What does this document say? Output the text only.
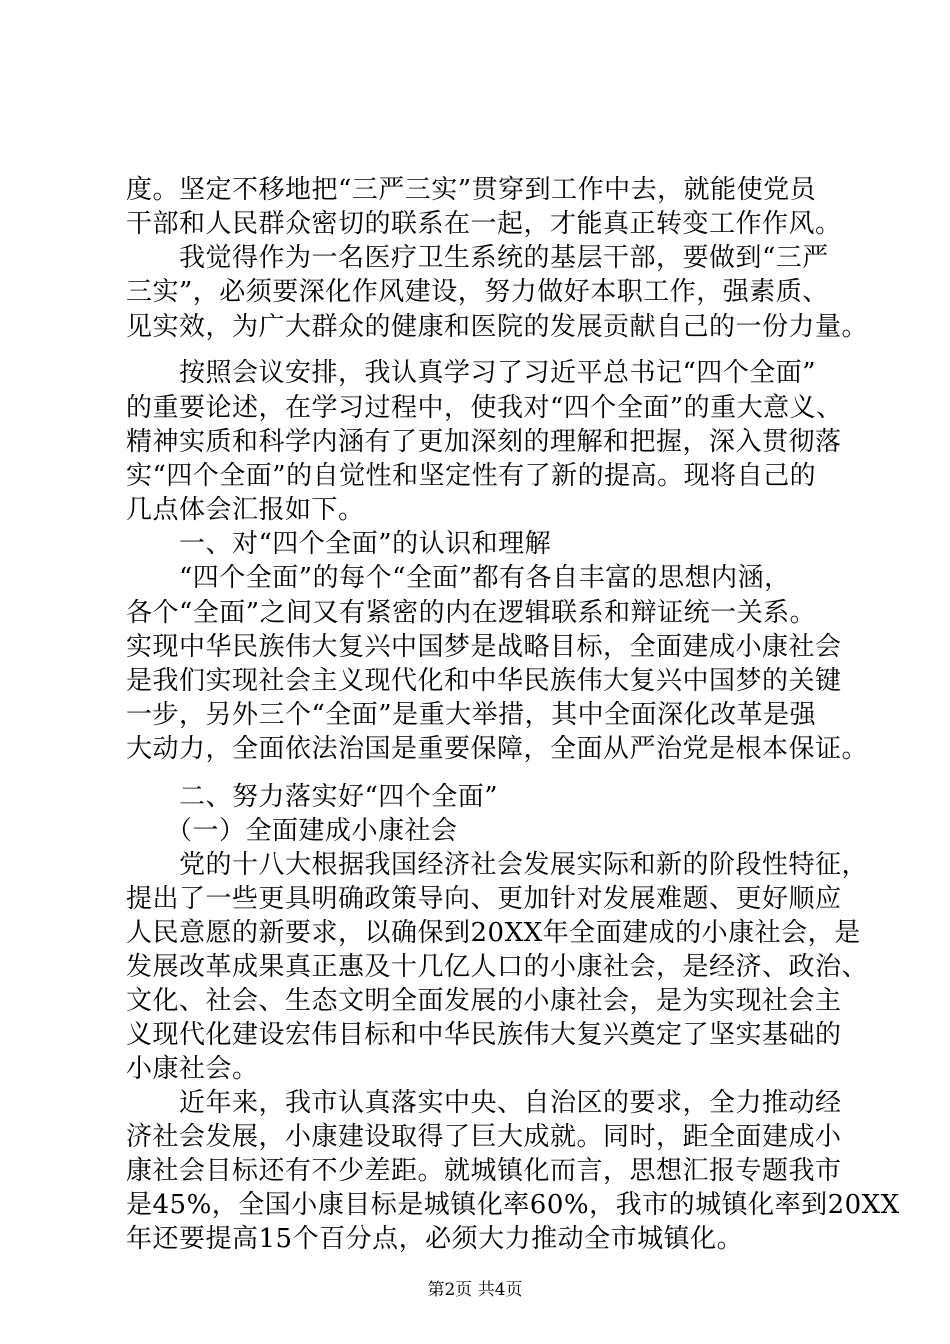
度。坚定不移地把“三严三实”贯穿到工作中去，就能使党员
干部和人民群众密切的联系在一起，才能真正转变工作作风。
　　我觉得作为一名医疗卫生系统的基层干部，要做到“三严
三实”，必须要深化作风建设，努力做好本职工作，强素质、
见实效，为广大群众的健康和医院的发展贡献自己的一份力量。
　　按照会议安排，我认真学习了习近平总书记“四个全面”
的重要论述，在学习过程中，使我对“四个全面”的重大意义、
精神实质和科学内涵有了更加深刻的理解和把握，深入贯彻落
实“四个全面”的自觉性和坚定性有了新的提高。现将自己的
几点体会汇报如下。
　　一、对“四个全面”的认识和理解
　　“四个全面”的每个“全面”都有各自丰富的思想内涵，
各个“全面”之间又有紧密的内在逻辑联系和辩证统一关系。
实现中华民族伟大复兴中国梦是战略目标，全面建成小康社会
是我们实现社会主义现代化和中华民族伟大复兴中国梦的关键
一步，另外三个“全面”是重大举措，其中全面深化改革是强
大动力，全面依法治国是重要保障，全面从严治党是根本保证。
　　二、努力落实好“四个全面”
　　（一）全面建成小康社会
　　党的十八大根据我国经济社会发展实际和新的阶段性特征，
提出了一些更具明确政策导向、更加针对发展难题、更好顺应
人民意愿的新要求，以确保到20XX年全面建成的小康社会，是
发展改革成果真正惠及十几亿人口的小康社会，是经济、政治、
文化、社会、生态文明全面发展的小康社会，是为实现社会主
义现代化建设宏伟目标和中华民族伟大复兴奠定了坚实基础的
小康社会。
　　近年来，我市认真落实中央、自治区的要求，全力推动经
济社会发展，小康建设取得了巨大成就。同时，距全面建成小
康社会目标还有不少差距。就城镇化而言，思想汇报专题我市
是45%，全国小康目标是城镇化率60%，我市的城镇化率到20XX
年还要提高15个百分点，必须大力推动全市城镇化。
第2页 共4页
